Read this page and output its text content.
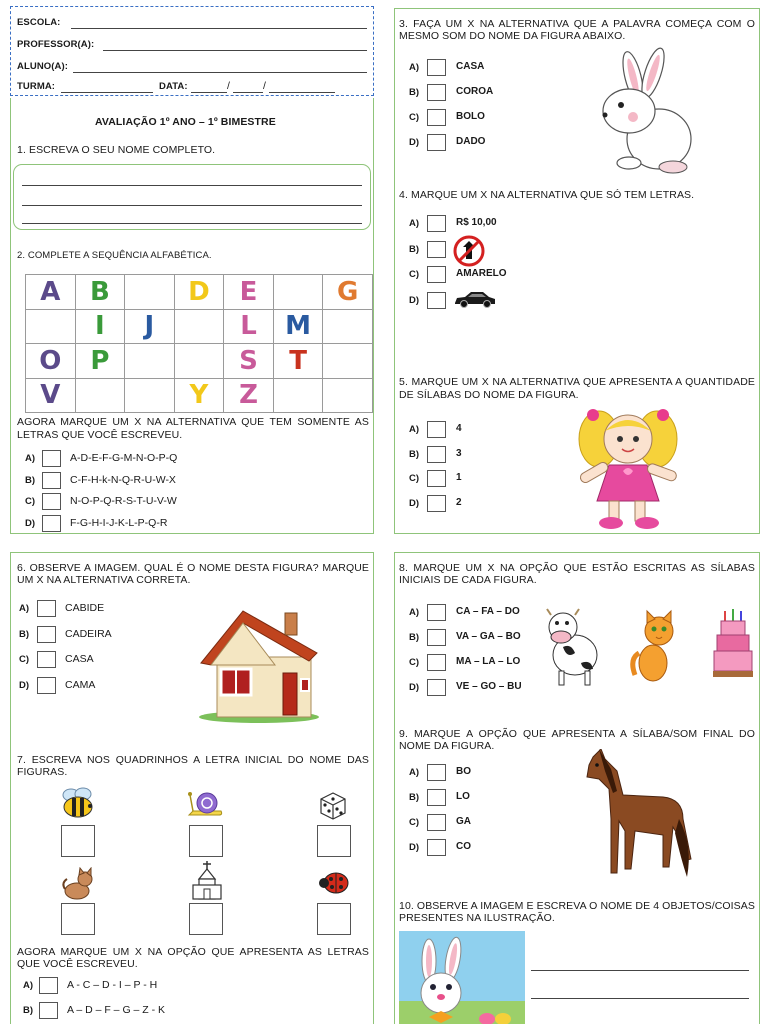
ESCOLA:
PROFESSOR(A):
ALUNO(A):
TURMA:	DATA:	/	/
AVALIAÇÃO 1º ANO – 1º BIMESTRE
1. ESCREVA O SEU NOME COMPLETO.
2. COMPLETE A SEQUÊNCIA ALFABÉTICA.
A	B		D	E		G
	I	J		L	M	
O	P			S	T	
V			Y	Z		
AGORA MARQUE UM X NA ALTERNATIVA QUE TEM SOMENTE AS LETRAS QUE VOCÊ ESCREVEU.
A)	A-D-E-F-G-M-N-O-P-Q
B)	C-F-H-k-N-Q-R-U-W-X
C)	N-O-P-Q-R-S-T-U-V-W
D)	F-G-H-I-J-K-L-P-Q-R
3. FAÇA UM X NA ALTERNATIVA QUE A PALAVRA COMEÇA COM O MESMO SOM DO NOME DA FIGURA ABAIXO.
A)	CASA
B)	COROA
C)	BOLO
D)	DADO
4. MARQUE UM X NA ALTERNATIVA QUE SÓ TEM LETRAS.
A)	R$ 10,00
B)
C)	AMARELO
D)
5. MARQUE UM X NA ALTERNATIVA QUE APRESENTA A QUANTIDADE DE SÍLABAS DO NOME DA FIGURA.
A)	4
B)	3
C)	1
D)	2
6. OBSERVE A IMAGEM. QUAL É O NOME DESTA FIGURA? MARQUE UM X NA ALTERNATIVA CORRETA.
A)	CABIDE
B)	CADEIRA
C)	CASA
D)	CAMA
7. ESCREVA NOS QUADRINHOS A LETRA INICIAL DO NOME DAS FIGURAS.
AGORA MARQUE UM X NA OPÇÃO QUE APRESENTA AS LETRAS QUE VOCÊ ESCREVEU.
A)	A - C – D - I – P - H
B)	A – D – F – G – Z - K
8. MARQUE UM X NA OPÇÃO QUE ESTÃO ESCRITAS AS SÍLABAS INICIAIS DE CADA FIGURA.
A)	CA – FA – DO
B)	VA – GA – BO
C)	MA – LA – LO
D)	VE – GO – BU
9. MARQUE A OPÇÃO QUE APRESENTA A SÍLABA/SOM FINAL DO NOME DA FIGURA.
A)	BO
B)	LO
C)	GA
D)	CO
10. OBSERVE A IMAGEM E ESCREVA O NOME DE 4 OBJETOS/COISAS PRESENTES NA ILUSTRAÇÃO.
